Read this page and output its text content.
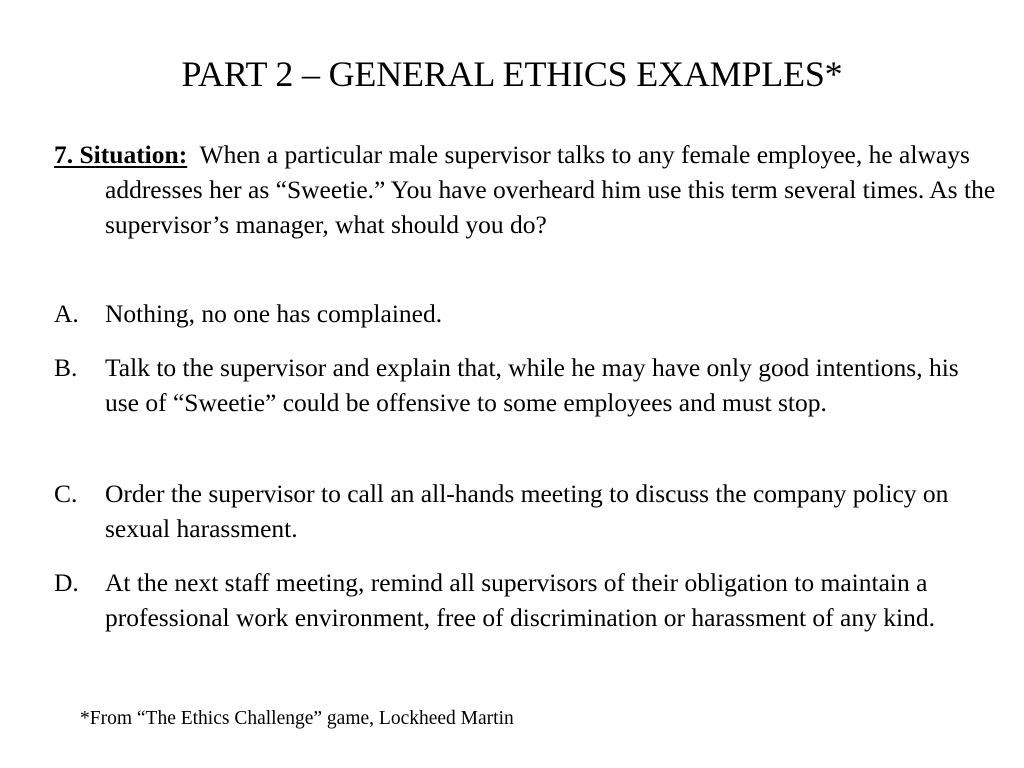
PART 2 – GENERAL ETHICS EXAMPLES*
7. Situation: When a particular male supervisor talks to any female employee, he always addresses her as “Sweetie.” You have overheard him use this term several times. As the supervisor’s manager, what should you do?
A.	Nothing, no one has complained.
B.	Talk to the supervisor and explain that, while he may have only good intentions, his use of “Sweetie” could be offensive to some employees and must stop.
C.	Order the supervisor to call an all-hands meeting to discuss the company policy on sexual harassment.
D.	At the next staff meeting, remind all supervisors of their obligation to maintain a professional work environment, free of discrimination or harassment of any kind.
*From “The Ethics Challenge” game, Lockheed Martin
